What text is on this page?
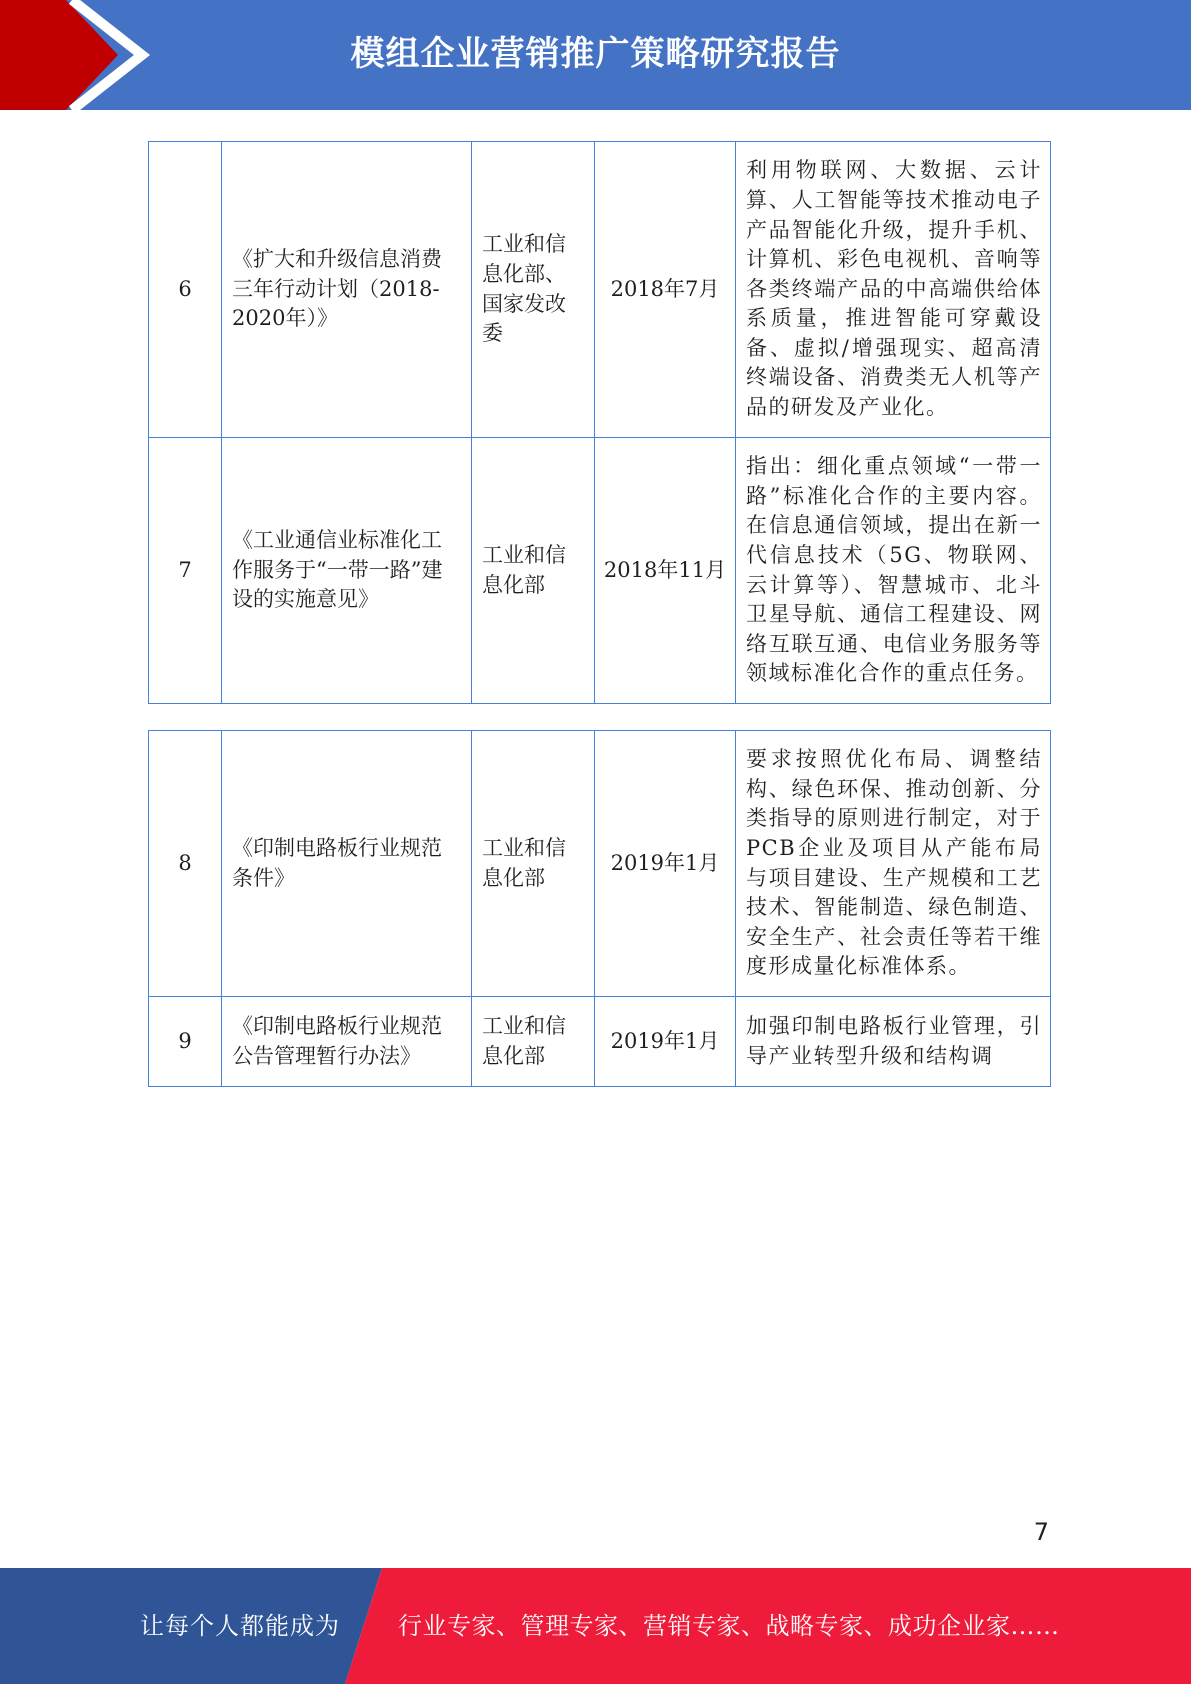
模组企业营销推广策略研究报告
6	《扩大和升级信息消费三年行动计划（2018-2020年）》	工业和信息化部、国家发改委	2018年7月	利用物联网、大数据、云计算、人工智能等技术推动电子产品智能化升级，提升手机、计算机、彩色电视机、音响等各类终端产品的中高端供给体系质量，推进智能可穿戴设备、虚拟/增强现实、超高清终端设备、消费类无人机等产品的研发及产业化。

7	《工业通信业标准化工作服务于“一带一路”建设的实施意见》	工业和信息化部	2018年11月	指出：细化重点领域“一带一路”标准化合作的主要内容。在信息通信领域，提出在新一代信息技术（5G、物联网、云计算等）、智慧城市、北斗卫星导航、通信工程建设、网络互联互通、电信业务服务等领域标准化合作的重点任务。
8	《印制电路板行业规范条件》	工业和信息化部	2019年1月	要求按照优化布局、调整结构、绿色环保、推动创新、分类指导的原则进行制定，对于PCB企业及项目从产能布局与项目建设、生产规模和工艺技术、智能制造、绿色制造、安全生产、社会责任等若干维度形成量化标准体系。

9	《印制电路板行业规范公告管理暂行办法》	工业和信息化部	2019年1月	加强印制电路板行业管理，引导产业转型升级和结构调
7
让每个人都能成为 行业专家、管理专家、营销专家、战略专家、成功企业家……
